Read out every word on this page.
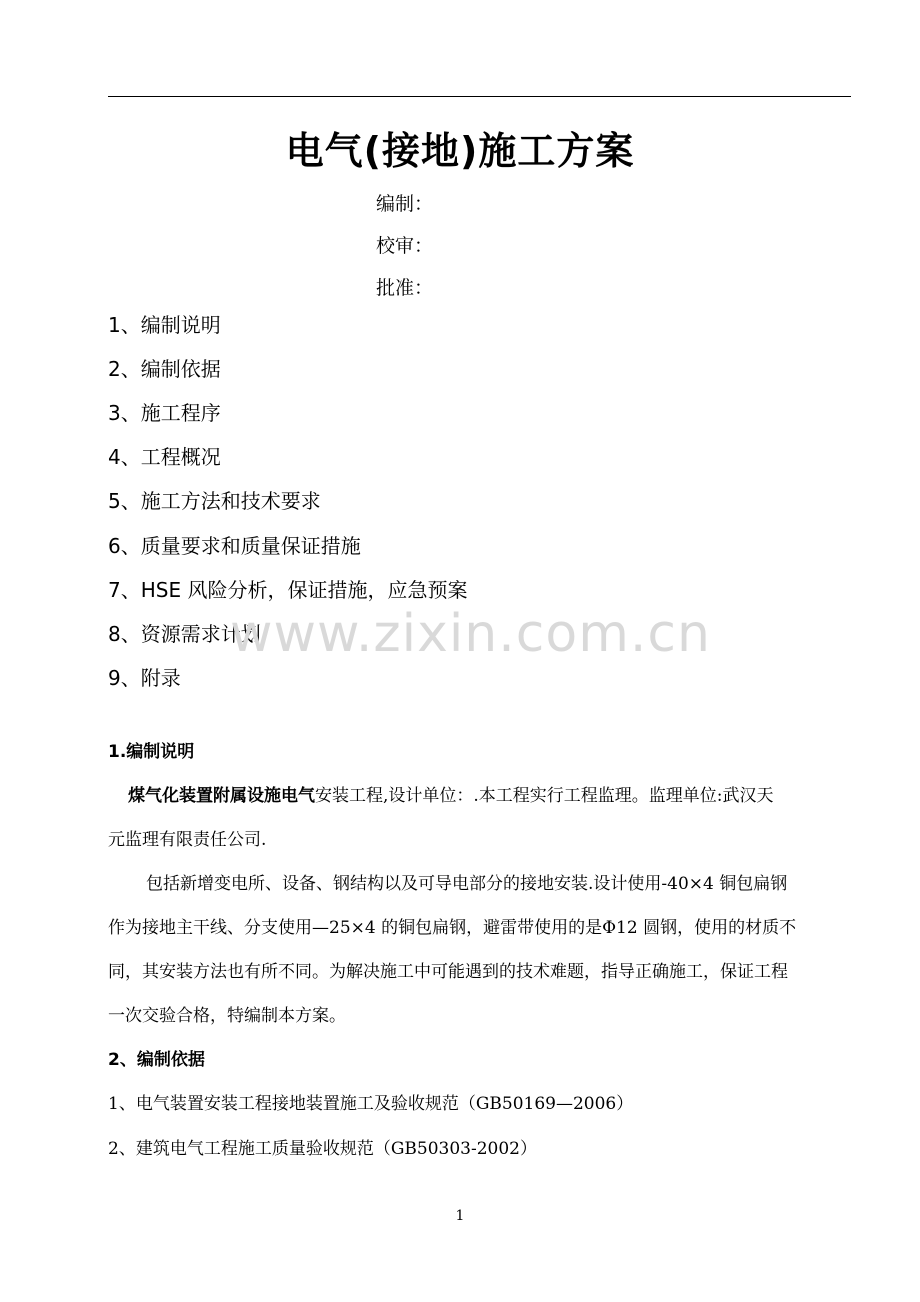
电气(接地)施工方案
编制：
校审：
批准：
1、编制说明
2、编制依据
3、施工程序
4、工程概况
5、施工方法和技术要求
6、质量要求和质量保证措施
7、HSE 风险分析，保证措施，应急预案
8、资源需求计划
9、附录
www.zixin.com.cn
1.编制说明
煤气化装置附属设施电气安装工程,设计单位：.本工程实行工程监理。监理单位:武汉天
元监理有限责任公司.
包括新增变电所、设备、钢结构以及可导电部分的接地安装.设计使用-40×4 铜包扁钢
作为接地主干线、分支使用—25×4 的铜包扁钢，避雷带使用的是Φ12 圆钢，使用的材质不
同，其安装方法也有所不同。为解决施工中可能遇到的技术难题，指导正确施工，保证工程
一次交验合格，特编制本方案。
2、编制依据
1、电气装置安装工程接地装置施工及验收规范（GB50169—2006）
2、建筑电气工程施工质量验收规范（GB50303-2002）
1
